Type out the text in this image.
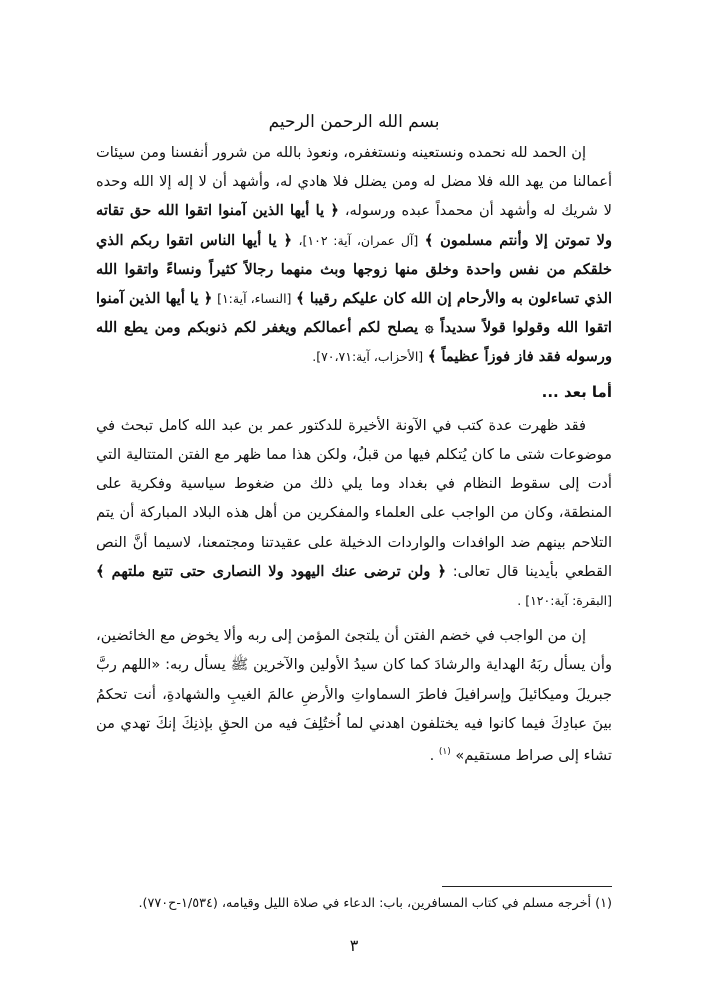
بسم الله الرحمن الرحيم

إن الحمد لله نحمده ونستعينه ونستغفره، ونعوذ بالله من شرور أنفسنا ومن سيئات أعمالنا من يهد الله فلا مضل له ومن يضلل فلا هادي له، وأشهد أن لا إله إلا الله وحده لا شريك له وأشهد أن محمداً عبده ورسوله، ﴿ يا أيها الذين آمنوا اتقوا الله حق تقاته ولا تموتن إلا وأنتم مسلمون ﴾ [آل عمران، آية: ١٠٢]، ﴿ يا أيها الناس اتقوا ربكم الذي خلقكم من نفس واحدة وخلق منها زوجها وبث منهما رجالاً كثيراً ونساءً واتقوا الله الذي تساءلون به والأرحام إن الله كان عليكم رقيبا ﴾ [النساء، آية:١] ﴿ يا أيها الذين آمنوا اتقوا الله وقولوا قولاً سديداً ۞ يصلح لكم أعمالكم ويغفر لكم ذنوبكم ومن يطع الله ورسوله فقد فاز فوزاً عظيماً ﴾ [الأحزاب، آية:٧٠،٧١].

أما بعد ...

فقد ظهرت عدة كتب في الآونة الأخيرة للدكتور عمر بن عبد الله كامل تبحث في موضوعات شتى ما كان يُتكلم فيها من قبلُ، ولكن هذا مما ظهر مع الفتن المتتالية التي أدت إلى سقوط النظام في بغداد وما يلي ذلك من ضغوط سياسية وفكرية على المنطقة، وكان من الواجب على العلماء والمفكرين من أهل هذه البلاد المباركة أن يتم التلاحم بينهم ضد الوافدات والواردات الدخيلة على عقيدتنا ومجتمعنا، لاسيما أنَّ النص القطعي بأيدينا قال تعالى: ﴿ ولن ترضى عنك اليهود ولا النصارى حتى تتبع ملتهم ﴾[البقرة: آية:١٢٠] .

إن من الواجب في خضم الفتن أن يلتجئ المؤمن إلى ربه وألا يخوض مع الخائضين، وأن يسأل ربَهُ الهداية والرشادَ كما كان سيدُ الأولين والآخرين ﷺ يسأل ربه: «اللهم ربَّ جبريلَ وميكائيلَ وإسرافيلَ فاطرَ السماواتِ والأرضِ عالمَ الغيبِ والشهادةِ، أنت تحكمُ بينَ عبادِكَ فيما كانوا فيه يختلفون اهدني لما اُختُلِفَ فيه من الحقِ بإذنِكَ إنكَ تهدي من تشاء إلى صراط مستقيم» $^{(١)}$ .

(١) أخرجه مسلم في كتاب المسافرين، باب: الدعاء في صلاة الليل وقيامه، (١/٥٣٤-ح٧٧٠).
٣
